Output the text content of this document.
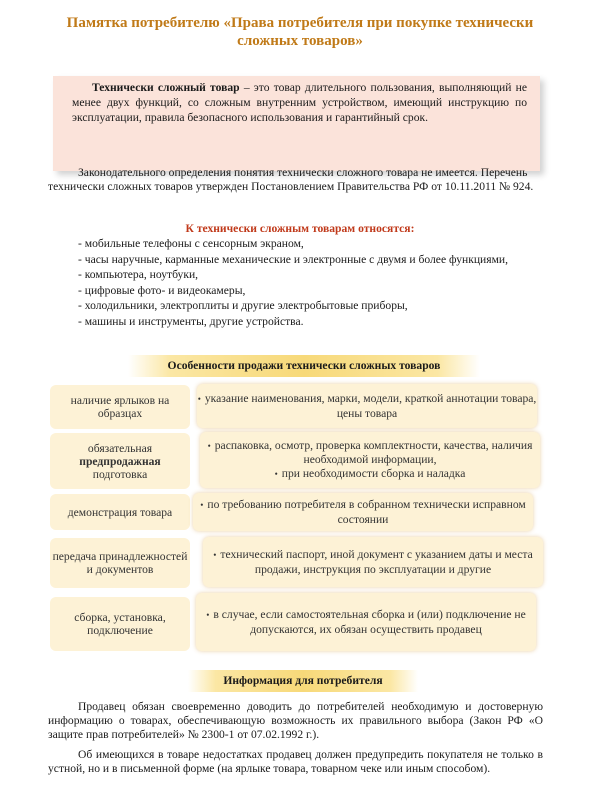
Памятка потребителю «Права потребителя при покупке технически сложных товаров»
Технически сложный товар – это товар длительного пользования, выполняющий не менее двух функций, со сложным внутренним устройством, имеющий инструкцию по эксплуатации, правила безопасного использования и гарантийный срок.
Законодательного определения понятия технически сложного товара не имеется. Перечень технически сложных товаров утвержден Постановлением Правительства РФ от 10.11.2011 № 924.
К технически сложным товарам относятся:
- мобильные телефоны с сенсорным экраном,
- часы наручные, карманные механические и электронные с двумя и более функциями,
- компьютера, ноутбуки,
- цифровые фото- и видеокамеры,
- холодильники, электроплиты и другие электробытовые приборы,
- машины и инструменты, другие устройства.
Особенности продажи технически сложных товаров
наличие ярлыков на образцах
• указание наименования, марки, модели, краткой аннотации товара, цены товара
обязательная
предпродажная
подготовка
• распаковка, осмотр, проверка комплектности, качества, наличия необходимой информации,
• при необходимости сборка и наладка
демонстрация товара
• по требованию потребителя в собранном технически исправном состоянии
передача принадлежностей и документов
• технический паспорт, иной документ с указанием даты и места продажи, инструкция по эксплуатации и другие
сборка, установка, подключение
• в случае, если самостоятельная сборка и (или) подключение не допускаются, их обязан осуществить продавец
Информация для потребителя
Продавец обязан своевременно доводить до потребителей необходимую и достоверную информацию о товарах, обеспечивающую возможность их правильного выбора (Закон РФ «О защите прав потребителей» № 2300-1 от 07.02.1992 г.).
Об имеющихся в товаре недостатках продавец должен предупредить покупателя не только в устной, но и в письменной форме (на ярлыке товара, товарном чеке или иным способом).
